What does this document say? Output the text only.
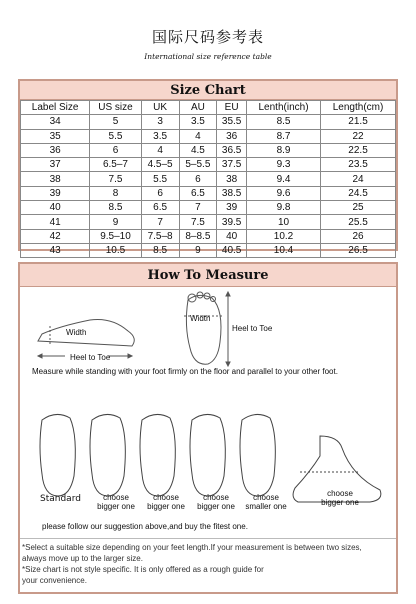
国际尺码参考表
International size reference table
Size Chart
Label Size	US size	UK	AU	EU	Lenth(inch)	Length(cm)
34	5	3	3.5	35.5	8.5	21.5
35	5.5	3.5	4	36	8.7	22
36	6	4	4.5	36.5	8.9	22.5
37	6.5–7	4.5–5	5–5.5	37.5	9.3	23.5
38	7.5	5.5	6	38	9.4	24
39	8	6	6.5	38.5	9.6	24.5
40	8.5	6.5	7	39	9.8	25
41	9	7	7.5	39.5	10	25.5
42	9.5–10	7.5–8	8–8.5	40	10.2	26
43	10.5	8.5	9	40.5	10.4	26.5
How To Measure
Width
Heel to Toe
Width
Heel to Toe
Measure while standing with your foot firmly on the floor and parallel to your other foot.
Standard	choose
bigger one
choose
bigger one
choose
bigger one
choose
smaller one
choose
bigger one
please follow our suggestion above,and buy the fitest one.
*Select a suitable size depending on your feet length.If your measurement is between two sizes,
always move up to the larger size.
*Size chart is not style specific. It is only offered as a rough guide for
your convenience.
